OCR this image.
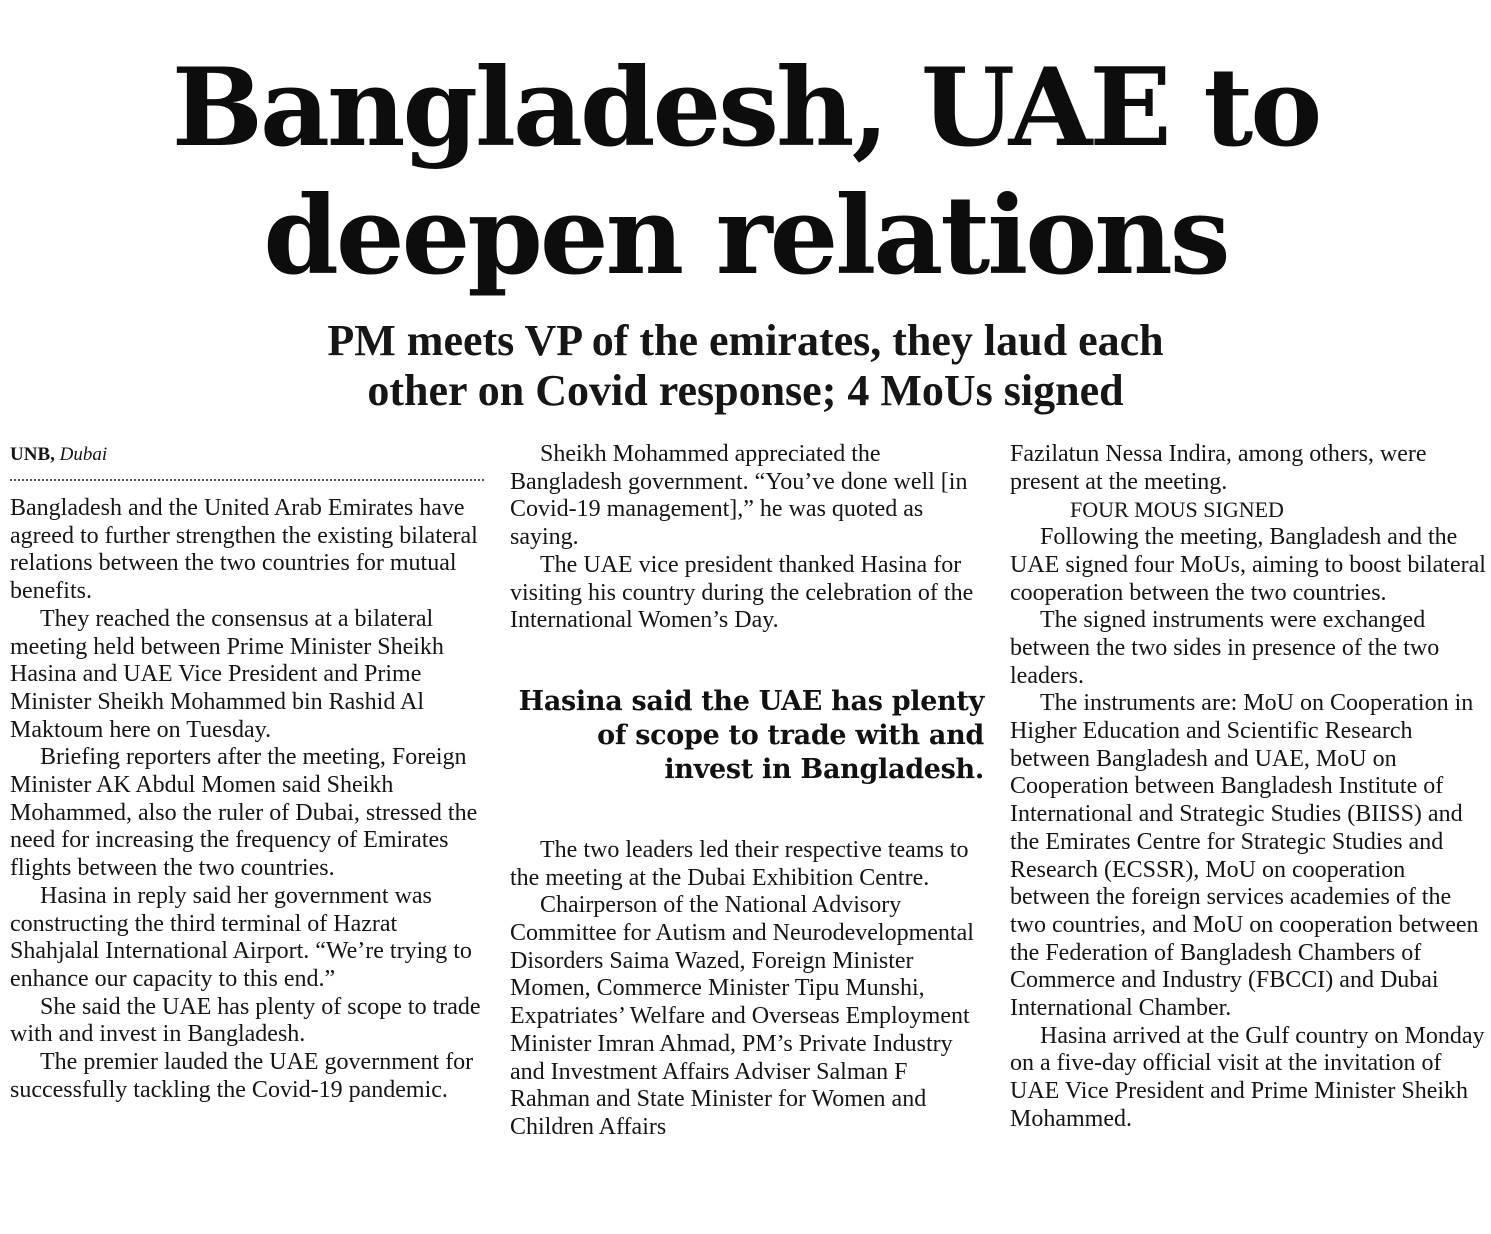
Bangladesh, UAE to
deepen relations
PM meets VP of the emirates, they laud each
other on Covid response; 4 MoUs signed
UNB, Dubai

Bangladesh and the United Arab Emirates have agreed to further strengthen the existing bilateral relations between the two countries for mutual benefits.

They reached the consensus at a bilateral meeting held between Prime Minister Sheikh Hasina and UAE Vice President and Prime Minister Sheikh Mohammed bin Rashid Al Maktoum here on Tuesday.

Briefing reporters after the meeting, Foreign Minister AK Abdul Momen said Sheikh Mohammed, also the ruler of Dubai, stressed the need for increasing the frequency of Emirates flights between the two countries.

Hasina in reply said her government was constructing the third terminal of Hazrat Shahjalal International Airport. “We’re trying to enhance our capacity to this end.”

She said the UAE has plenty of scope to trade with and invest in Bangladesh.

The premier lauded the UAE government for successfully tackling the Covid-19 pandemic.

Sheikh Mohammed appreciated the Bangladesh government. “You’ve done well [in Covid-19 management],” he was quoted as saying.

The UAE vice president thanked Hasina for visiting his country during the celebration of the International Women’s Day.

Hasina said the UAE has plenty of scope to trade with and invest in Bangladesh.

The two leaders led their respective teams to the meeting at the Dubai Exhibition Centre.

Chairperson of the National Advisory Committee for Autism and Neurodevelopmental Disorders Saima Wazed, Foreign Minister Momen, Commerce Minister Tipu Munshi, Expatriates’ Welfare and Overseas Employment Minister Imran Ahmad, PM’s Private Industry and Investment Affairs Adviser Salman F Rahman and State Minister for Women and Children Affairs

Fazilatun Nessa Indira, among others, were present at the meeting.

FOUR MOUS SIGNED

Following the meeting, Bangladesh and the UAE signed four MoUs, aiming to boost bilateral cooperation between the two countries.

The signed instruments were exchanged between the two sides in presence of the two leaders.

The instruments are: MoU on Cooperation in Higher Education and Scientific Research between Bangladesh and UAE, MoU on Cooperation between Bangladesh Institute of International and Strategic Studies (BIISS) and the Emirates Centre for Strategic Studies and Research (ECSSR), MoU on cooperation between the foreign services academies of the two countries, and MoU on cooperation between the Federation of Bangladesh Chambers of Commerce and Industry (FBCCI) and Dubai International Chamber.

Hasina arrived at the Gulf country on Monday on a five-day official visit at the invitation of UAE Vice President and Prime Minister Sheikh Mohammed.
